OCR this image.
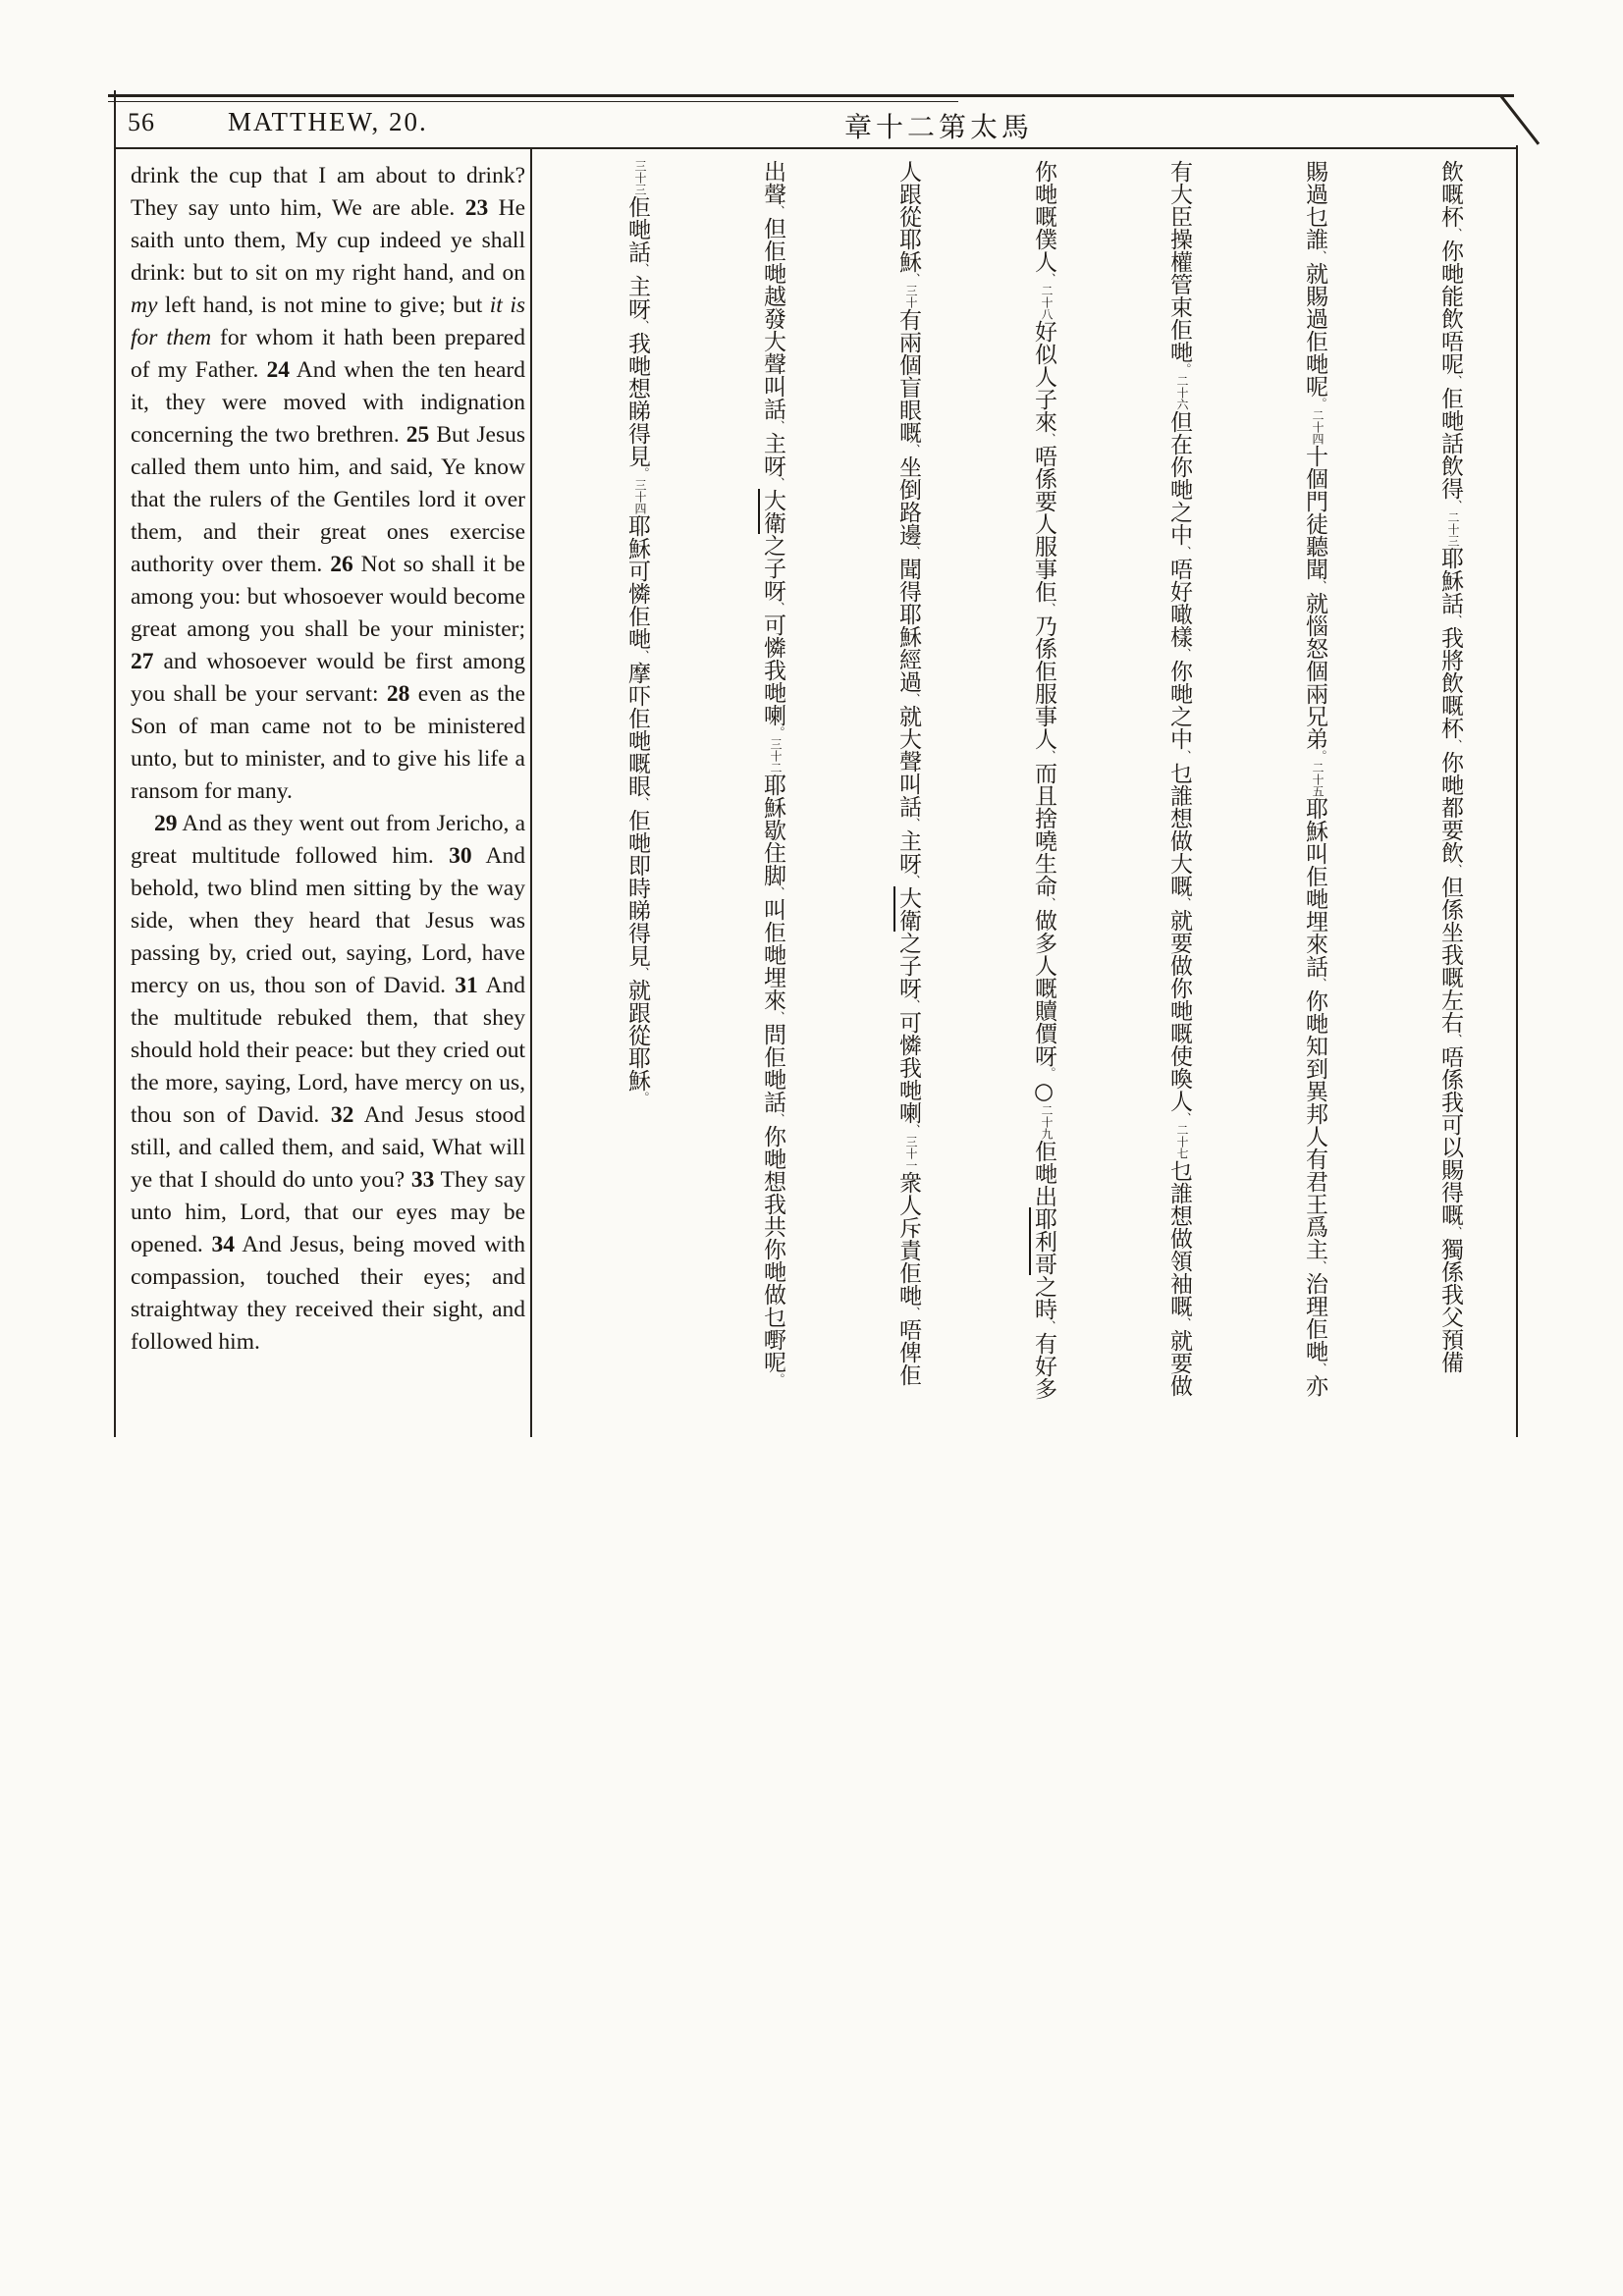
56	MATTHEW, 20.	章十二第太馬

drink the cup that I am about to drink? They say unto him, We are able. 23 He saith unto them, My cup indeed ye shall drink: but to sit on my right hand, and on my left hand, is not mine to give; but it is for them for whom it hath been prepared of my Father. 24 And when the ten heard it, they were moved with indignation concerning the two brethren. 25 But Jesus called them unto him, and said, Ye know that the rulers of the Gentiles lord it over them, and their great ones exercise authority over them. 26 Not so shall it be among you: but whosoever would become great among you shall be your minister; 27 and whosoever would be first among you shall be your servant: 28 even as the Son of man came not to be ministered unto, but to minister, and to give his life a ransom for many.

29 And as they went out from Jericho, a great multitude followed him. 30 And behold, two blind men sitting by the way side, when they heard that Jesus was passing by, cried out, saying, Lord, have mercy on us, thou son of David. 31 And the multitude rebuked them, that shey should hold their peace: but they cried out the more, saying, Lord, have mercy on us, thou son of David. 32 And Jesus stood still, and called them, and said, What will ye that I should do unto you? 33 They say unto him, Lord, that our eyes may be opened. 34 And Jesus, being moved with compassion, touched their eyes; and straightway they received their sight, and followed him.

飲嘅杯、你哋能飲唔呢、佢哋話飲得、二十三耶穌話、我將飲嘅杯、你哋都要飲、但係坐我嘅左右、唔係我可以賜得嘅、獨係我父預備
賜過乜誰、就賜過佢哋呢。二十四十個門徒聽聞、就惱怒個兩兄弟。二十五耶穌叫佢哋埋來話、你哋知到異邦人有君王爲主、治理佢哋、亦
有大臣操權管束佢哋。二十六但在你哋之中、唔好噉樣、你哋之中、乜誰想做大嘅、就要做你哋嘅使喚人、二十七乜誰想做領袖嘅、就要做
你哋嘅僕人、二十八好似人子來、唔係要人服事佢、乃係佢服事人、而且捨嘵生命、做多人嘅贖價呀。○二十九佢哋出耶利哥之時、有好多
人跟從耶穌、三十有兩個盲眼嘅、坐倒路邊、聞得耶穌經過、就大聲叫話、主呀、大衛之子呀、可憐我哋喇、三十一衆人斥責佢哋、唔俾佢
出聲、但佢哋越發大聲叫話、主呀、大衛之子呀、可憐我哋喇。三十二耶穌歇住脚、叫佢哋埋來、問佢哋話、你哋想我共你哋做乜嘢呢。
三十三佢哋話、主呀、我哋想睇得見。三十四耶穌可憐佢哋、摩吓佢哋嘅眼、佢哋即時睇得見、就跟從耶穌。
